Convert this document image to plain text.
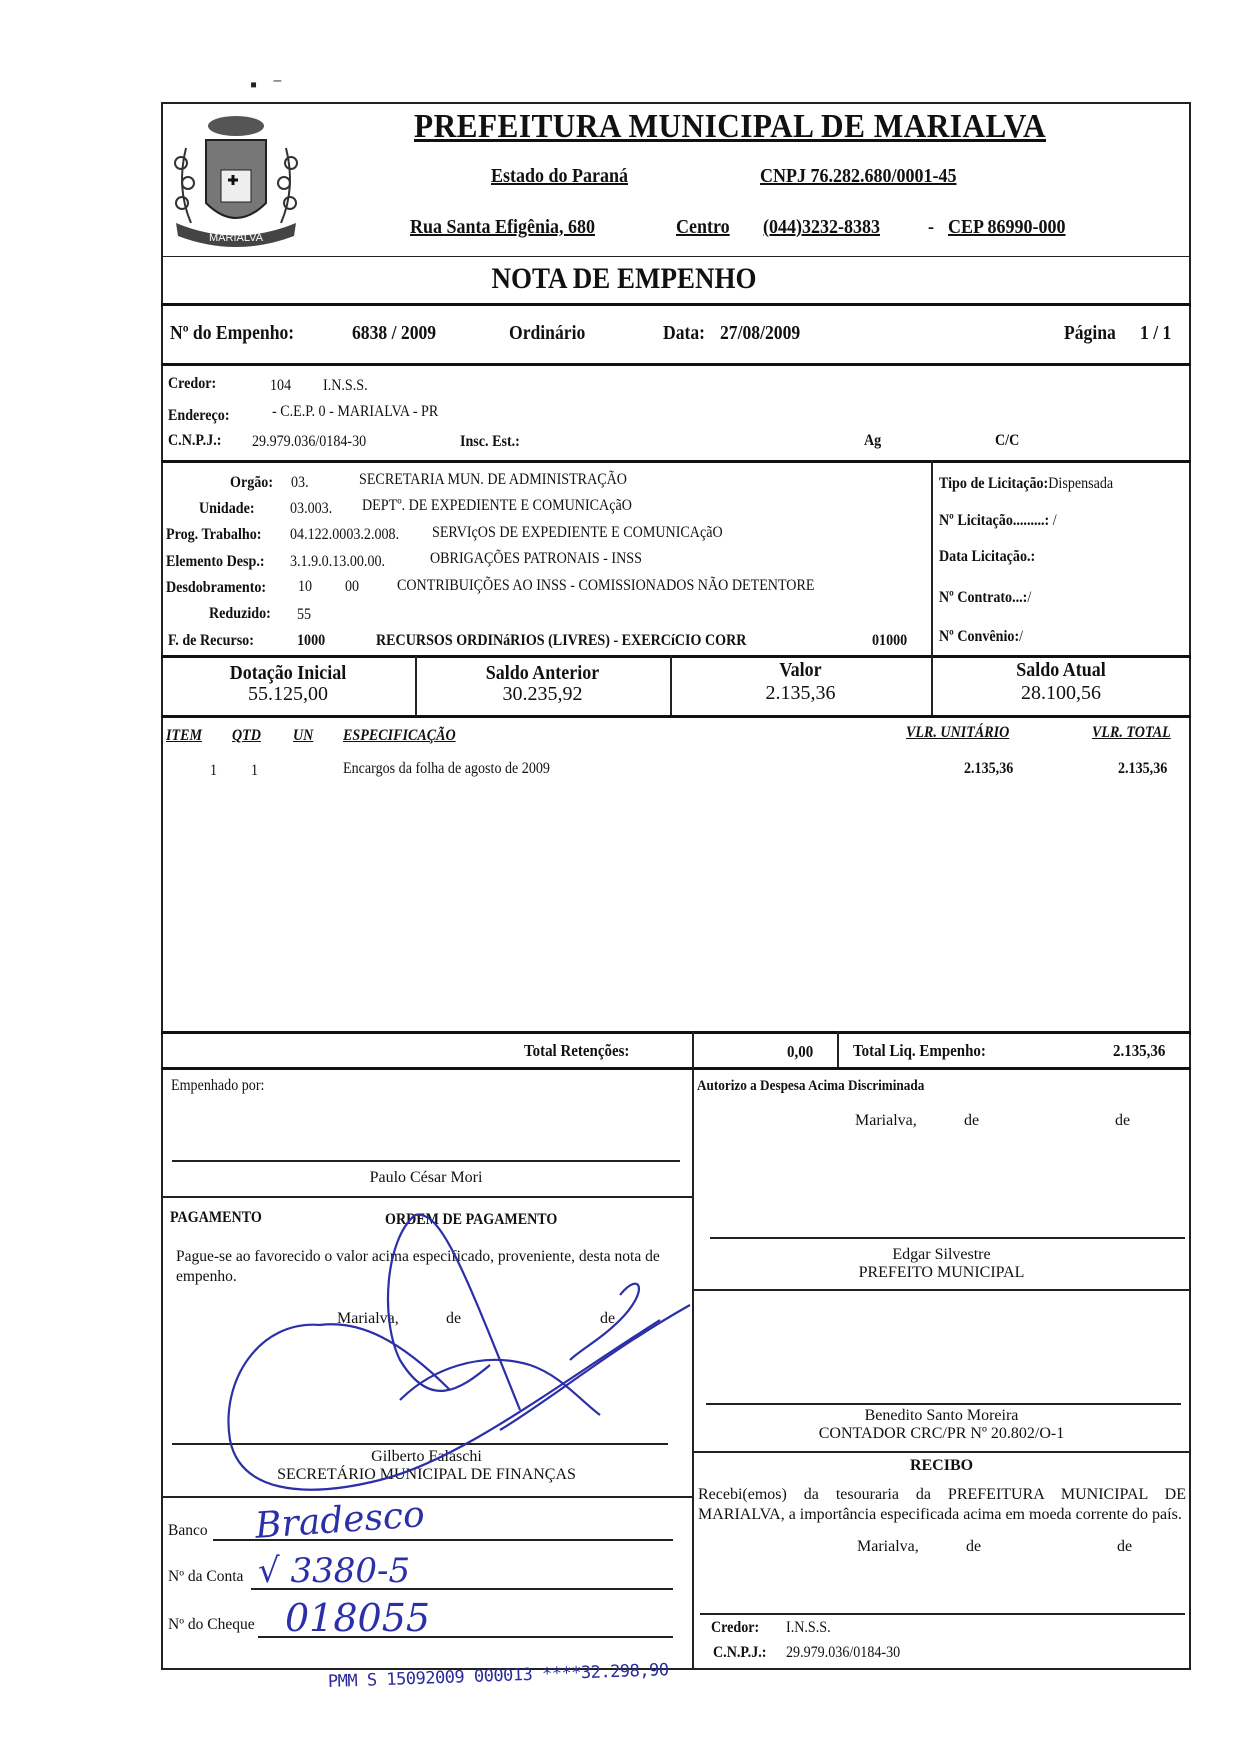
▪   ⁻
MARIALVA
PREFEITURA MUNICIPAL DE MARIALVA
Estado do Paraná	CNPJ 76.282.680/0001-45
Rua Santa Efigênia, 680	Centro (044)3232-8383 - CEP 86990-000
NOTA DE EMPENHO
Nº do Empenho:	6838 / 2009	Ordinário	Data: 27/08/2009	Página 1 / 1
Credor:	104 I.N.S.S.
Endereço:	- C.E.P. 0 - MARIALVA - PR
C.N.P.J.: 29.979.036/0184-30	Insc. Est.:	Ag	C/C
Orgão: 03.	SECRETARIA MUN. DE ADMINISTRAÇÃO
Unidade: 03.003. DEPTº. DE EXPEDIENTE E COMUNICAçãO
Prog. Trabalho: 04.122.0003.2.008. SERVIçOS DE EXPEDIENTE E COMUNICAçãO
Elemento Desp.: 3.1.9.0.13.00.00.	OBRIGAÇÕES PATRONAIS - INSS
Desdobramento: 10 00 CONTRIBUIÇÕES AO INSS - COMISSIONADOS NÃO DETENTORE
Reduzido: 55
F. de Recurso:	1000	RECURSOS ORDINáRIOS (LIVRES) - EXERCíCIO CORR	01000
Tipo de Licitação:Dispensada
Nº Licitação.........: /
Data Licitação.:
Nº Contrato...:/
Nº Convênio:/
Dotação Inicial
55.125,00
Saldo Anterior
30.235,92
Valor
2.135,36
Saldo Atual
28.100,56
ITEM QTD UN ESPECIFICAÇÃO	VLR. UNITÁRIO	VLR. TOTAL
1 1	Encargos da folha de agosto de 2009	2.135,36	2.135,36
Total Retenções:	0,00 Total Liq. Empenho:	2.135,36
Empenhado por:
Paulo César Mori
Autorizo a Despesa Acima Discriminada
Marialva,	de	de
Edgar Silvestre
PREFEITO MUNICIPAL
Benedito Santo Moreira
CONTADOR CRC/PR Nº 20.802/O-1
RECIBO
Recebi(emos) da tesouraria da PREFEITURA MUNICIPAL DE MARIALVA, a importância especificada acima em moeda corrente do país.
Marialva,	de	de
Credor: I.N.S.S.
C.N.P.J.: 29.979.036/0184-30
PAGAMENTO	ORDEM DE PAGAMENTO
Pague-se ao favorecido o valor acima especificado, proveniente, desta nota de empenho.
Marialva,	de	de
Gilberto Falaschi
SECRETÁRIO MUNICIPAL DE FINANÇAS
Banco
Nº da Conta
Nº do Cheque
Bradesco
√ 3380-5
018055
PMM S 15092009 000013 ****32.298,90
